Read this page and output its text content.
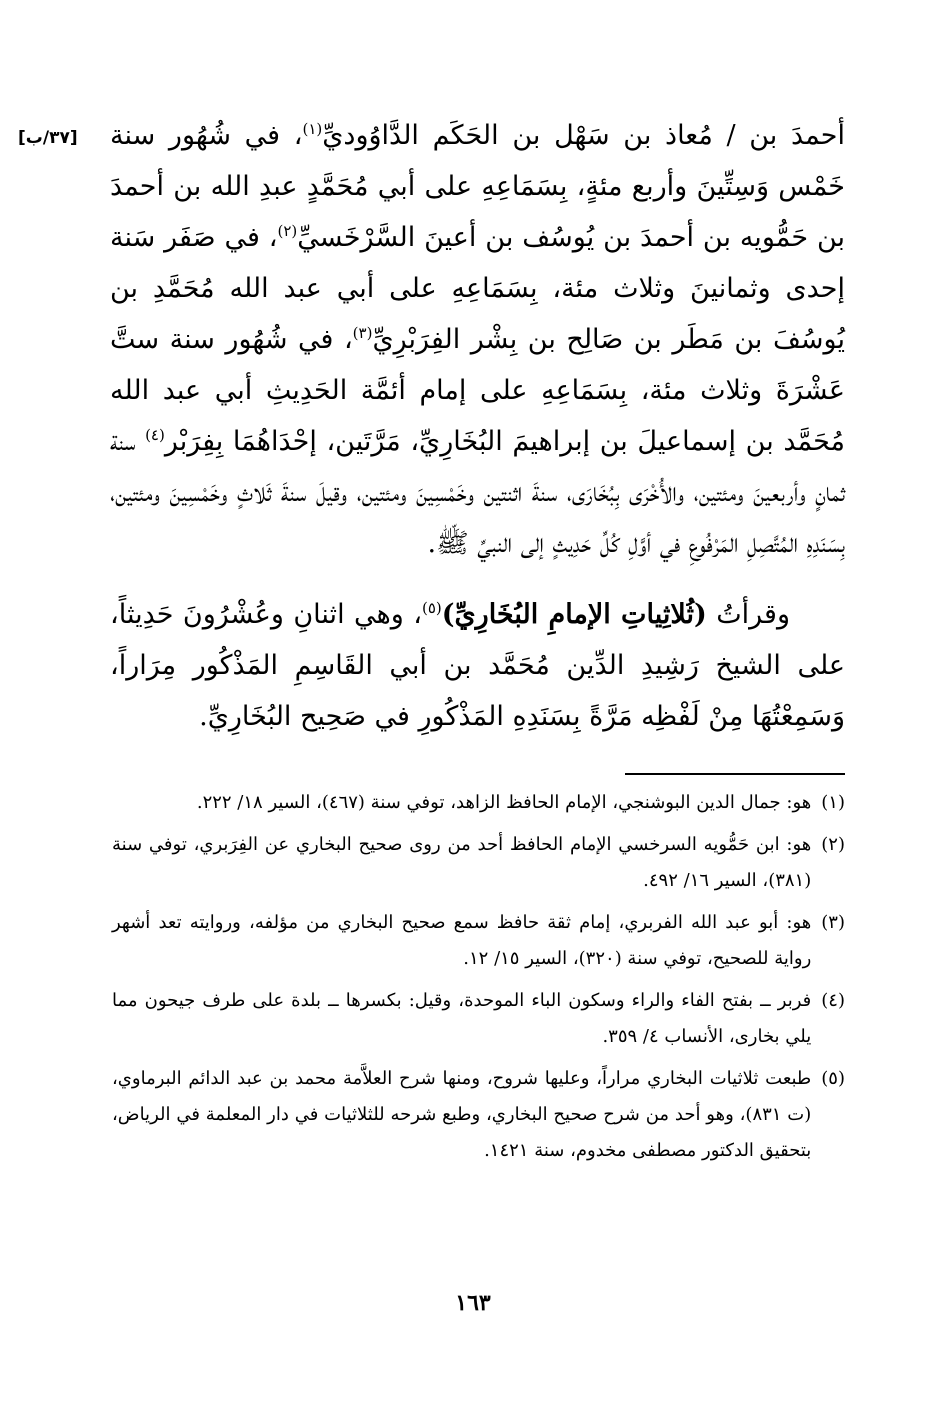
[٣٧/ب]	أحمدَ بن / مُعاذ بن سَهْل بن الحَكَم الدَّاوُوديِّ$^{(١)}$، في شُهُور سنة خَمْس وَسِتِّينَ وأربع مئةٍ، بِسَمَاعِهِ على أبي مُحَمَّدٍ عبدِ الله بن أحمدَ بن حَمُّويه بن أحمدَ بن يُوسُف بن أعينَ السَّرْخَسيِّ$^{(٢)}$، في صَفَر سَنة إحدى وثمانينَ وثلاث مئة، بِسَمَاعِهِ على أبي عبد الله مُحَمَّدِ بن يُوسُفَ بن مَطَر بن صَالِح بن بِشْر الفِرَبْرِيِّ$^{(٣)}$، في شُهُور سنة ستَّ عَشْرَةَ وثلاث مئة، بِسَمَاعِهِ على إمام أئمَّة الحَدِيثِ أبي عبد الله مُحَمَّد بن إسماعيلَ بن إبراهيمَ البُخَارِيِّ، مَرَّتَين، إحْدَاهُمَا بِفِرَبْر$^{(٤)}$ سنة ثمانٍ وأربعينَ ومئتين، والأُخْرَى بِبُخَارَى، سنةَ اثنتين وخَمْسِينَ ومئتين، وقيلَ سنةَ ثَلاثٍ وخَمْسِينَ ومئتين، بِسَنَدِهِ المُتَّصِلِ المَرْفُوعِ في أوَّلِ كُلِّ حَدِيثٍ إلى النبيِّ ﷺ.

وقرأتُ (ثُلاثِياتِ الإمامِ البُخَارِيِّ)$^{(٥)}$، وهي اثنانِ وعُشْرُونَ حَدِيثاً، على الشيخ رَشِيدِ الدِّين مُحَمَّد بن أبي القَاسِمِ المَذْكُور مِرَاراً، وَسَمِعْتُهَا مِنْ لَفْظِه مَرَّةً بِسَنَدِهِ المَذْكُورِ في صَحِيح البُخَارِيِّ.

(١)
هو: جمال الدين البوشنجي، الإمام الحافظ الزاهد، توفي سنة (٤٦٧)، السير ١٨/ ٢٢٢.
(٢)
هو: ابن حَمُّويه السرخسي الإمام الحافظ أحد من روى صحيح البخاري عن الفِرَبري، توفي سنة (٣٨١)، السير ١٦/ ٤٩٢.
(٣)
هو: أبو عبد الله الفربري، إمام ثقة حافظ سمع صحيح البخاري من مؤلفه، وروايته تعد أشهر رواية للصحيح، توفي سنة (٣٢٠)، السير ١٥/ ١٢.
(٤)
فربر ــ بفتح الفاء والراء وسكون الباء الموحدة، وقيل: بكسرها ــ بلدة على طرف جيحون مما يلي بخارى، الأنساب ٤/ ٣٥٩.
(٥)
طبعت ثلاثيات البخاري مراراً، وعليها شروح، ومنها شرح العلاَّمة محمد بن عبد الدائم البرماوي، (ت ٨٣١)، وهو أحد من شرح صحيح البخاري، وطبع شرحه للثلاثيات في دار المعلمة في الرياض، بتحقيق الدكتور مصطفى مخدوم، سنة ١٤٢١.
١٦٣
